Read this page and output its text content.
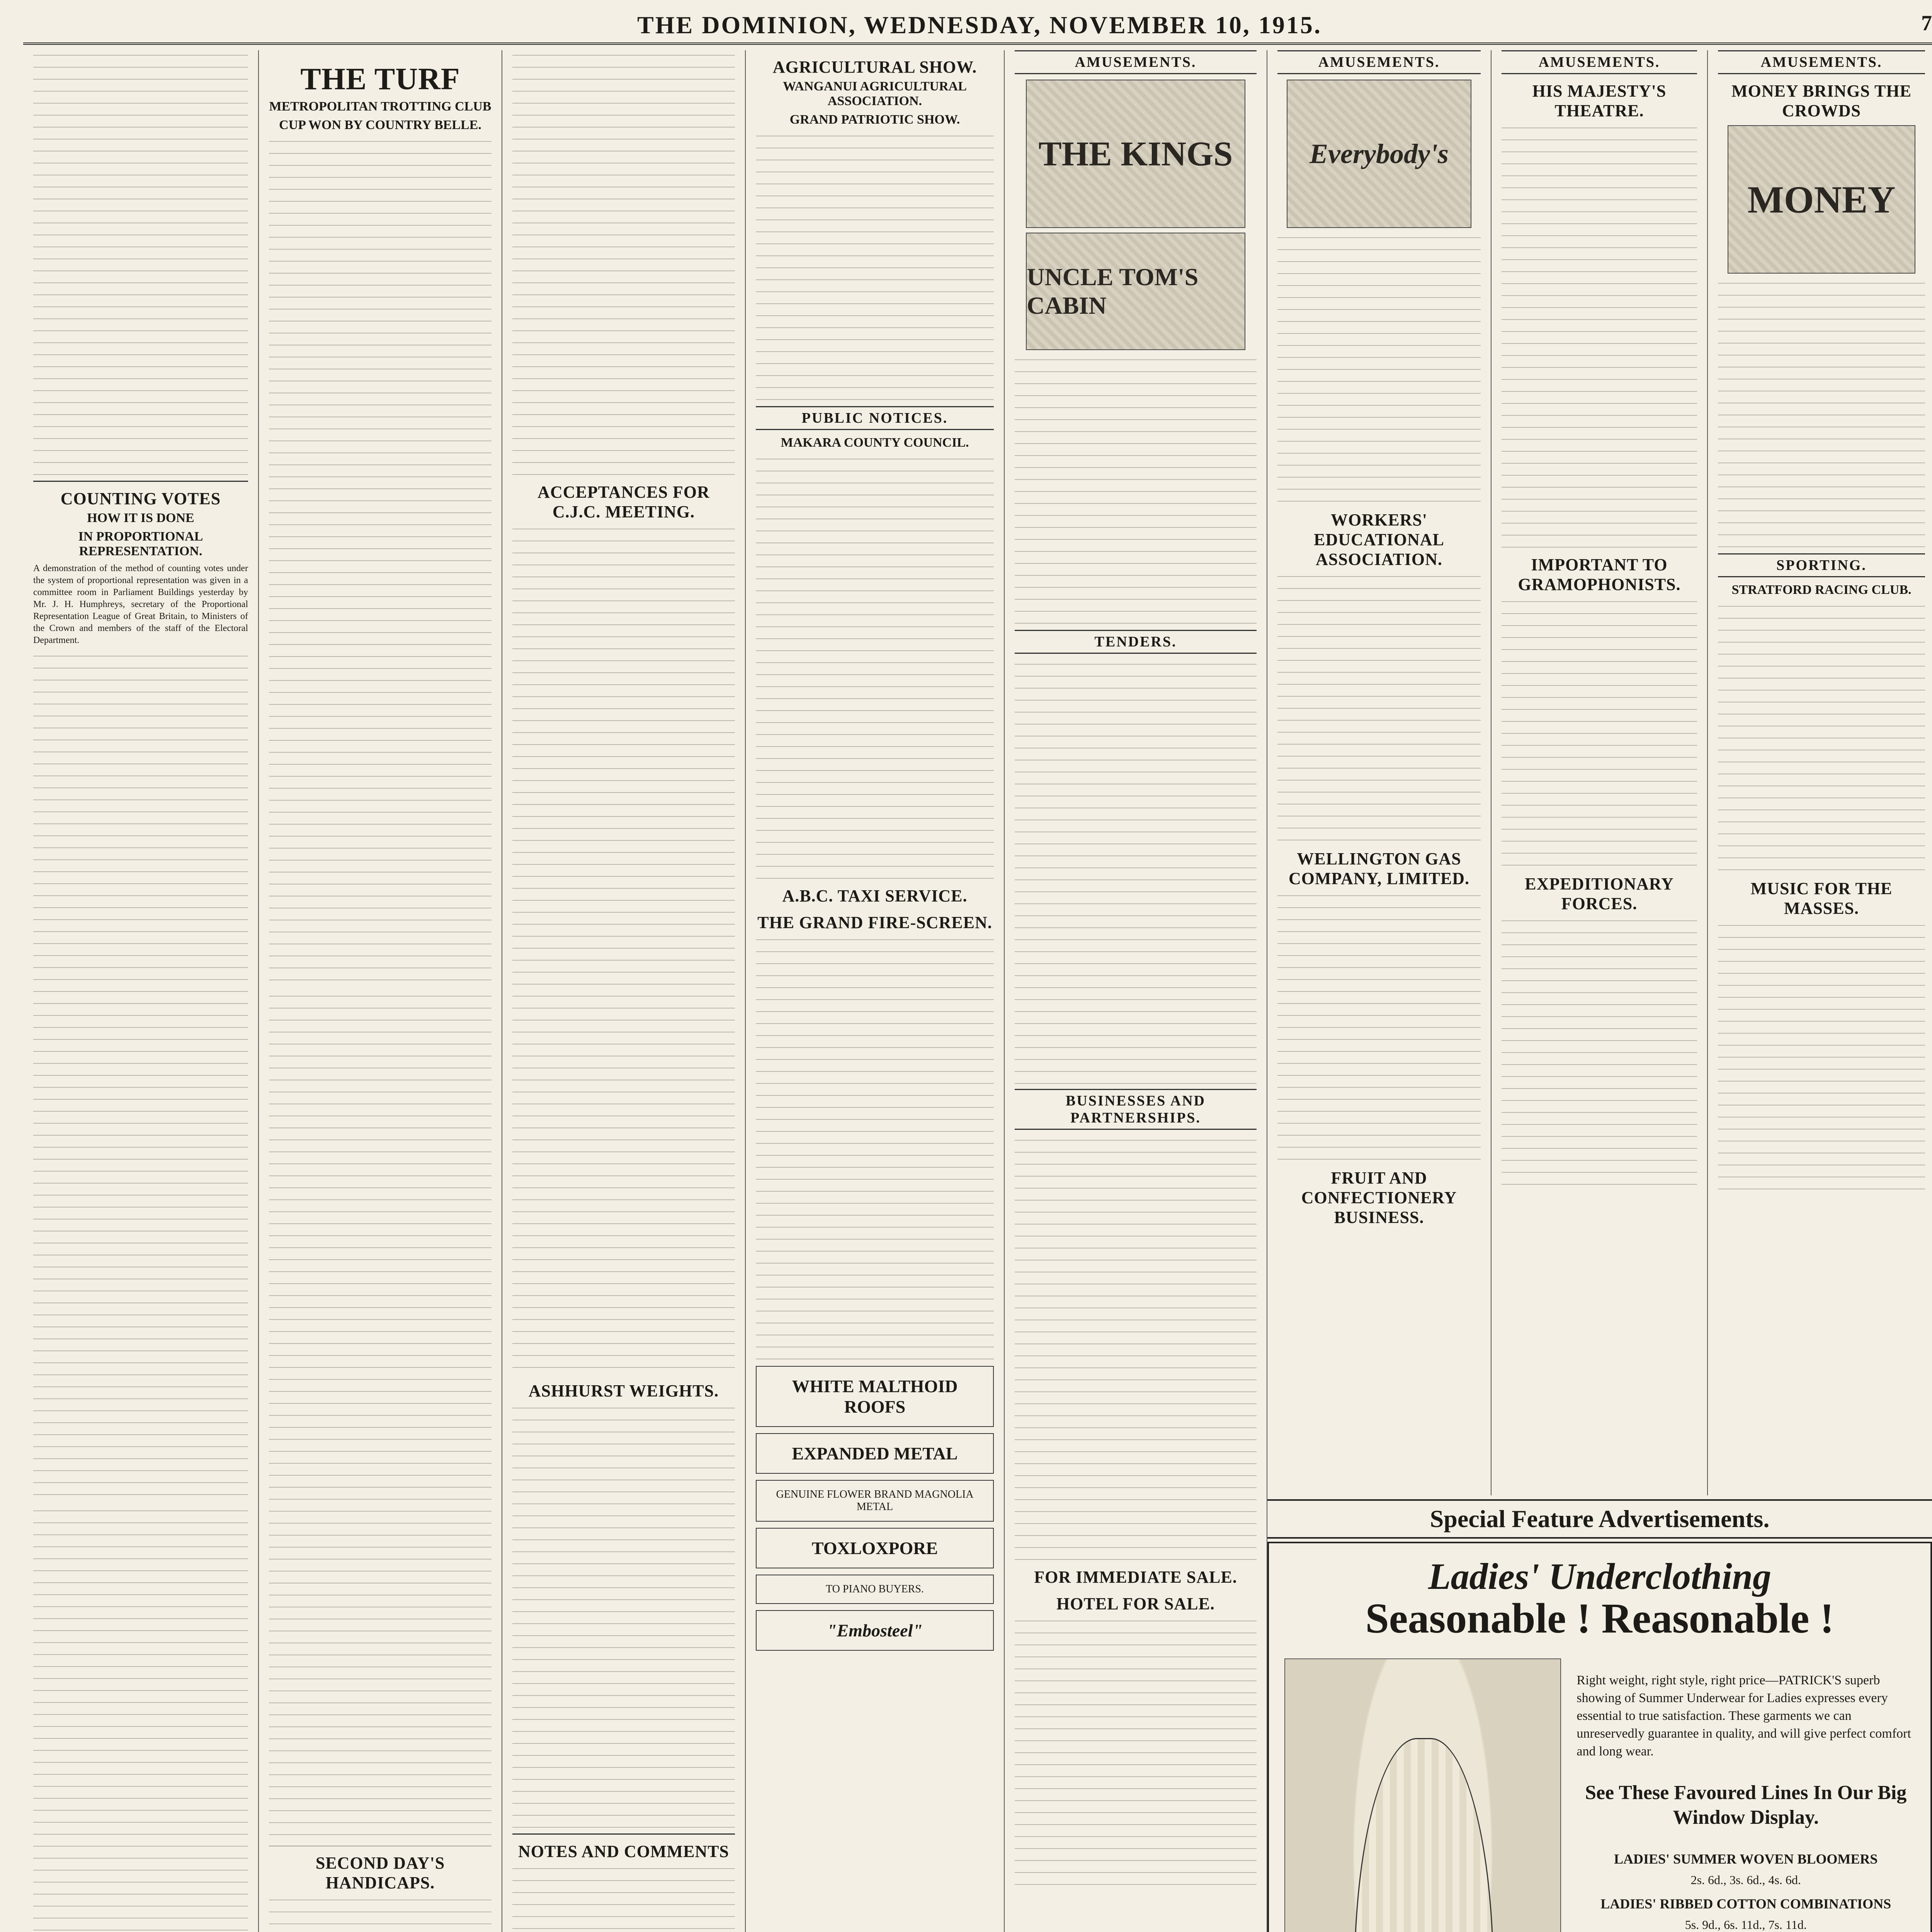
THE DOMINION, WEDNESDAY, NOVEMBER 10, 1915.	7
COUNTING VOTES
HOW IT IS DONE
IN PROPORTIONAL REPRESENTATION.

A demonstration of the method of counting votes under the system of proportional representation was given in a committee room in Parliament Buildings yesterday by Mr. J. H. Humphreys, secretary of the Proportional Representation League of Great Britain, to Ministers of the Crown and members of the staff of the Electoral Department.

THE TURF
METROPOLITAN TROTTING CLUB
CUP WON BY COUNTRY BELLE.
SECOND DAY'S HANDICAPS.
ACCEPTANCES FOR C.J.C. MEETING.
ASHHURST WEIGHTS.
NOTES AND COMMENTS
AGRICULTURAL SHOW.
WANGANUI AGRICULTURAL ASSOCIATION.
GRAND PATRIOTIC SHOW.
PUBLIC NOTICES.
MAKARA COUNTY COUNCIL.
A.B.C. TAXI SERVICE.
THE GRAND FIRE-SCREEN.
WHITE MALTHOID ROOFS
EXPANDED METAL
GENUINE FLOWER BRAND MAGNOLIA METAL
TOXLOXPORE
TO PIANO BUYERS.
"Embosteel"
AMUSEMENTS.
THE KINGS
UNCLE TOM'S CABIN
TENDERS.
BUSINESSES AND PARTNERSHIPS.
FOR IMMEDIATE SALE.
HOTEL FOR SALE.
AMUSEMENTS.
Everybody's
WORKERS' EDUCATIONAL ASSOCIATION.
WELLINGTON GAS COMPANY, LIMITED.
FRUIT AND CONFECTIONERY BUSINESS.
AMUSEMENTS.
HIS MAJESTY'S THEATRE.
IMPORTANT TO GRAMOPHONISTS.
EXPEDITIONARY FORCES.
AMUSEMENTS.
MONEY BRINGS THE CROWDS
MONEY
SPORTING.
STRATFORD RACING CLUB.
MUSIC FOR THE MASSES.
Special Feature Advertisements.
Ladies' Underclothing
Seasonable ! Reasonable !

Right weight, right style, right price—PATRICK'S superb showing of Summer Underwear for Ladies expresses every essential to true satisfaction. These garments we can unreservedly guarantee in quality, and will give perfect comfort and long wear.

See These Favoured Lines In Our Big Window Display.

LADIES' SUMMER WOVEN BLOOMERS
2s. 6d., 3s. 6d., 4s. 6d.
LADIES' RIBBED COTTON COMBINATIONS
5s. 9d., 6s. 11d., 7s. 11d.
